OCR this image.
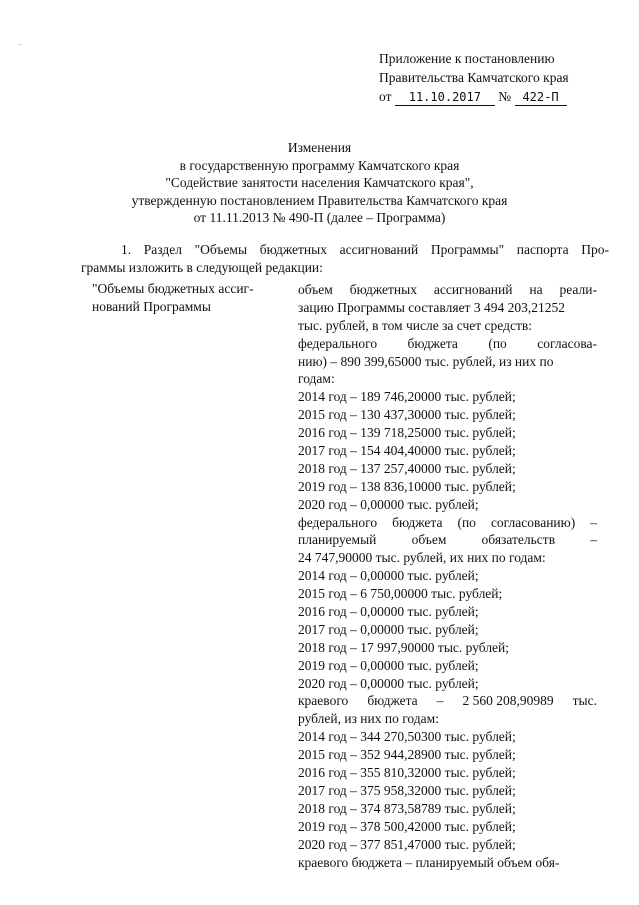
Приложение к постановлению
Правительства Камчатского края
от 11.10.2017 № 422-П
Изменения
в государственную программу Камчатского края
"Содействие занятости населения Камчатского края",
утвержденную постановлением Правительства Камчатского края
от 11.11.2013 № 490-П (далее – Программа)
1. Раздел "Объемы бюджетных ассигнований Программы" паспорта Про-
граммы изложить в следующей редакции:
"Объемы бюджетных ассиг-
нований Программы
объем бюджетных ассигнований на реали-
зацию Программы составляет 3 494 203,21252
тыс. рублей, в том числе за счет средств:
федерального бюджета (по согласова-
нию) – 890 399,65000 тыс. рублей, из них по
годам:
2014 год – 189 746,20000 тыс. рублей;
2015 год – 130 437,30000 тыс. рублей;
2016 год – 139 718,25000 тыс. рублей;
2017 год – 154 404,40000 тыс. рублей;
2018 год – 137 257,40000 тыс. рублей;
2019 год – 138 836,10000 тыс. рублей;
2020 год – 0,00000 тыс. рублей;
федерального бюджета (по согласованию) –
планируемый	объем	обязательств	–
24 747,90000 тыс. рублей, их них по годам:
2014 год – 0,00000 тыс. рублей;
2015 год – 6 750,00000 тыс. рублей;
2016 год – 0,00000 тыс. рублей;
2017 год – 0,00000 тыс. рублей;
2018 год – 17 997,90000 тыс. рублей;
2019 год – 0,00000 тыс. рублей;
2020 год – 0,00000 тыс. рублей;
краевого бюджета – 2 560 208,90989 тыс.
рублей, из них по годам:
2014 год – 344 270,50300 тыс. рублей;
2015 год – 352 944,28900 тыс. рублей;
2016 год – 355 810,32000 тыс. рублей;
2017 год – 375 958,32000 тыс. рублей;
2018 год – 374 873,58789 тыс. рублей;
2019 год – 378 500,42000 тыс. рублей;
2020 год – 377 851,47000 тыс. рублей;
краевого бюджета – планируемый объем обя-
